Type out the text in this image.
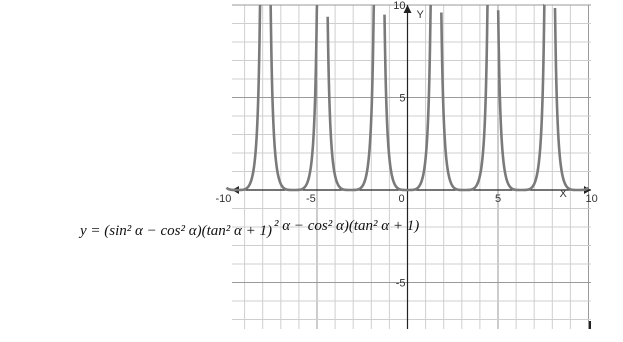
-10	-5	5	10
10
5
-5
X
Y
0
y = (sin² α − cos² α)(tan² α + 1) ² α − cos² α)(tan² α + 1)
